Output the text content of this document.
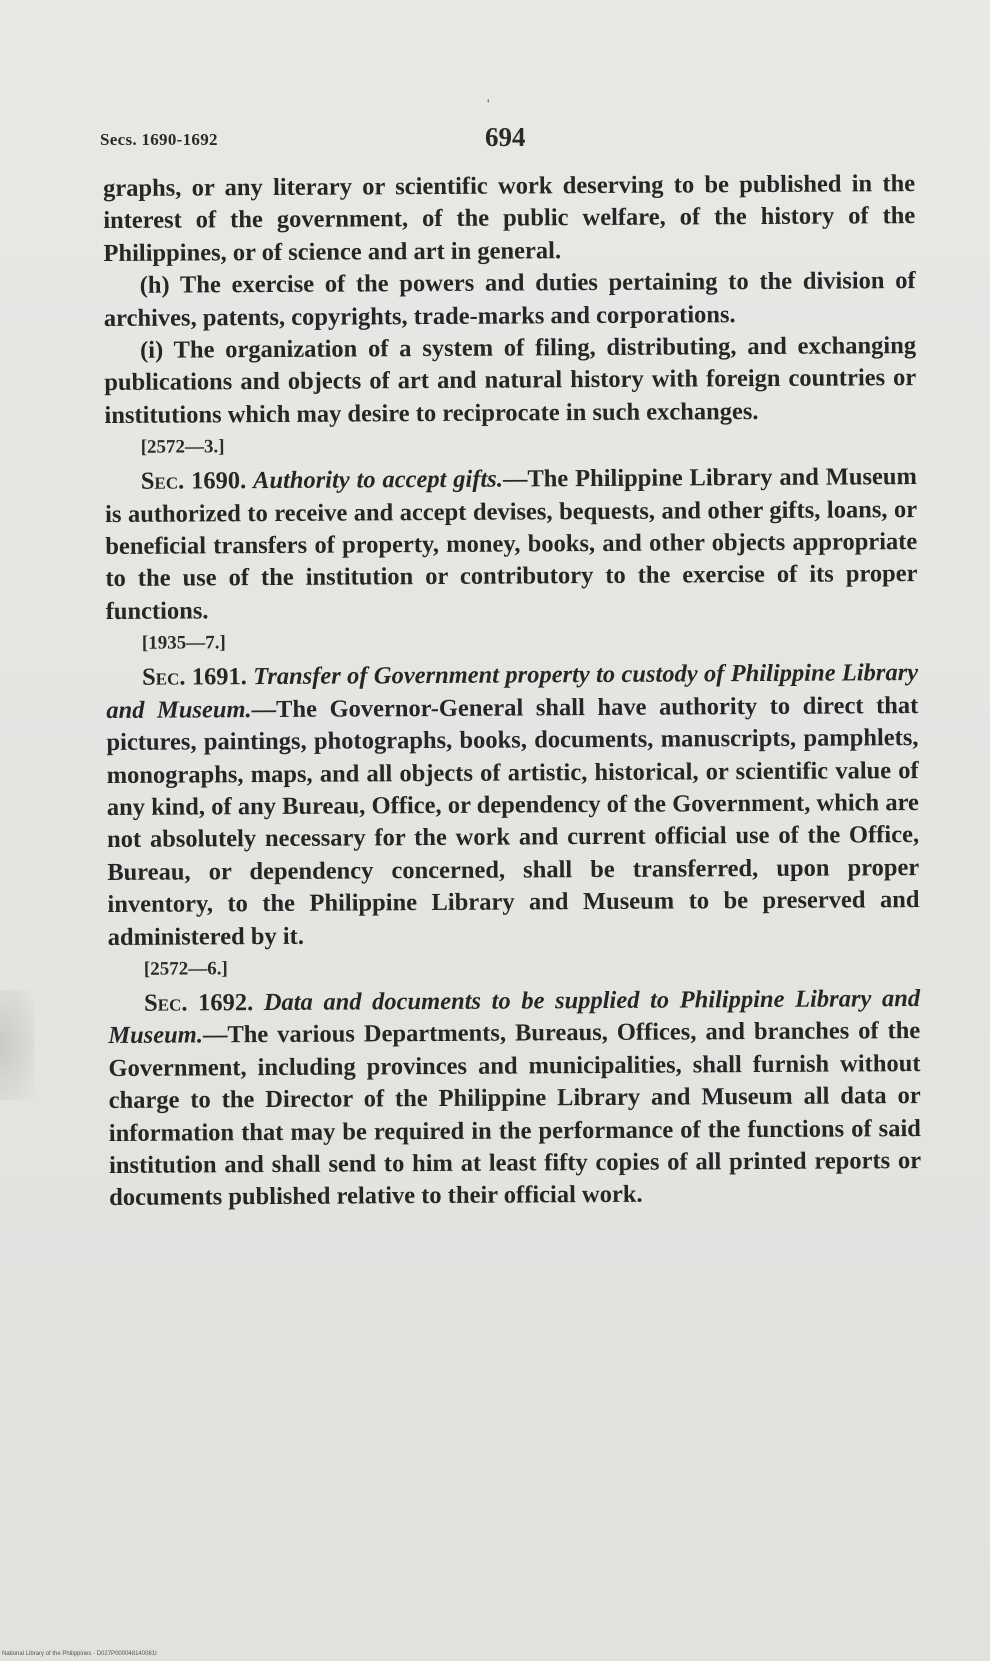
'
Secs. 1690-1692	694

graphs, or any literary or scientific work deserving to be published in the interest of the government, of the public welfare, of the history of the Philippines, or of science and art in general.

(h) The exercise of the powers and duties pertaining to the division of archives, patents, copyrights, trade-marks and corporations.

(i) The organization of a system of filing, distributing, and exchanging publications and objects of art and natural history with foreign countries or institutions which may desire to reciprocate in such exchanges.

[2572—3.]

Sec. 1690. Authority to accept gifts.—The Philippine Library and Museum is authorized to receive and accept devises, bequests, and other gifts, loans, or beneficial transfers of property, money, books, and other objects appropriate to the use of the institution or contributory to the exercise of its proper functions.

[1935—7.]

Sec. 1691. Transfer of Government property to custody of Philippine Library and Museum.—The Governor-General shall have authority to direct that pictures, paintings, photographs, books, documents, manuscripts, pamphlets, monographs, maps, and all objects of artistic, historical, or scientific value of any kind, of any Bureau, Office, or dependency of the Government, which are not absolutely necessary for the work and current official use of the Office, Bureau, or dependency concerned, shall be transferred, upon proper inventory, to the Philippine Library and Museum to be preserved and administered by it.

[2572—6.]

Sec. 1692. Data and documents to be supplied to Philippine Library and Museum.—The various Departments, Bureaus, Offices, and branches of the Government, including provinces and municipalities, shall furnish without charge to the Director of the Philippine Library and Museum all data or information that may be required in the performance of the functions of said institution and shall send to him at least fifty copies of all printed reports or documents published relative to their official work.

National Library of the Philippines · D027P000048140081I
